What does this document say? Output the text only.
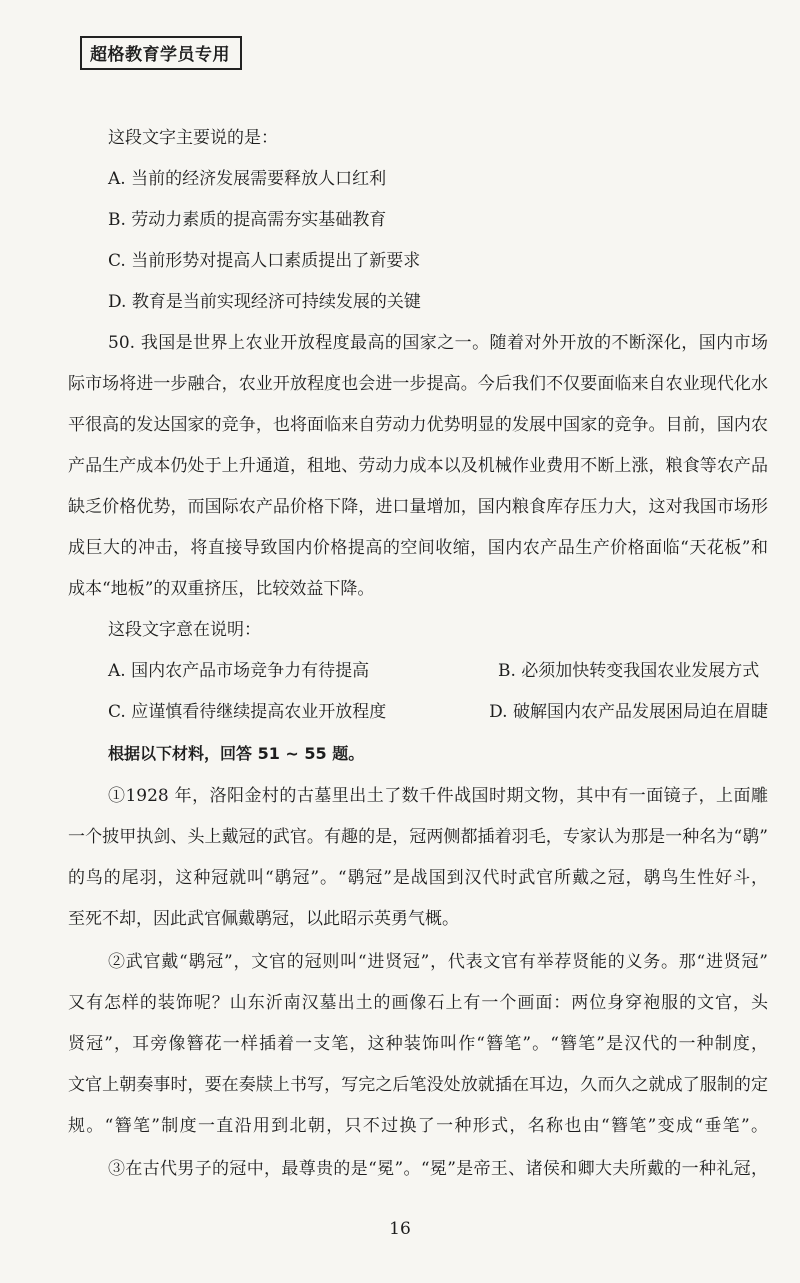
超格教育学员专用
这段文字主要说的是：
A. 当前的经济发展需要释放人口红利
B. 劳动力素质的提高需夯实基础教育
C. 当前形势对提高人口素质提出了新要求
D. 教育是当前实现经济可持续发展的关键
50. 我国是世界上农业开放程度最高的国家之一。随着对外开放的不断深化，国内市场
际市场将进一步融合，农业开放程度也会进一步提高。今后我们不仅要面临来自农业现代化水
平很高的发达国家的竞争，也将面临来自劳动力优势明显的发展中国家的竞争。目前，国内农
产品生产成本仍处于上升通道，租地、劳动力成本以及机械作业费用不断上涨，粮食等农产品
缺乏价格优势，而国际农产品价格下降，进口量增加，国内粮食库存压力大，这对我国市场形
成巨大的冲击，将直接导致国内价格提高的空间收缩，国内农产品生产价格面临“天花板”和
成本“地板”的双重挤压，比较效益下降。
这段文字意在说明：
A. 国内农产品市场竞争力有待提高	B. 必须加快转变我国农业发展方式
C. 应谨慎看待继续提高农业开放程度	D. 破解国内农产品发展困局迫在眉睫
根据以下材料，回答 51 ~ 55 题。
①1928 年，洛阳金村的古墓里出土了数千件战国时期文物，其中有一面镜子，上面雕
一个披甲执剑、头上戴冠的武官。有趣的是，冠两侧都插着羽毛，专家认为那是一种名为“鹖”
的鸟的尾羽，这种冠就叫“鹖冠”。“鹖冠”是战国到汉代时武官所戴之冠，鹖鸟生性好斗，
至死不却，因此武官佩戴鹖冠，以此昭示英勇气概。
②武官戴“鹖冠”，文官的冠则叫“进贤冠”，代表文官有举荐贤能的义务。那“进贤冠”
又有怎样的装饰呢？山东沂南汉墓出土的画像石上有一个画面：两位身穿袍服的文官，头
贤冠”，耳旁像簪花一样插着一支笔，这种装饰叫作“簪笔”。“簪笔”是汉代的一种制度，
文官上朝奏事时，要在奏牍上书写，写完之后笔没处放就插在耳边，久而久之就成了服制的定
规。“簪笔”制度一直沿用到北朝，只不过换了一种形式，名称也由“簪笔”变成“垂笔”。
③在古代男子的冠中，最尊贵的是“冕”。“冕”是帝王、诸侯和卿大夫所戴的一种礼冠，
16
